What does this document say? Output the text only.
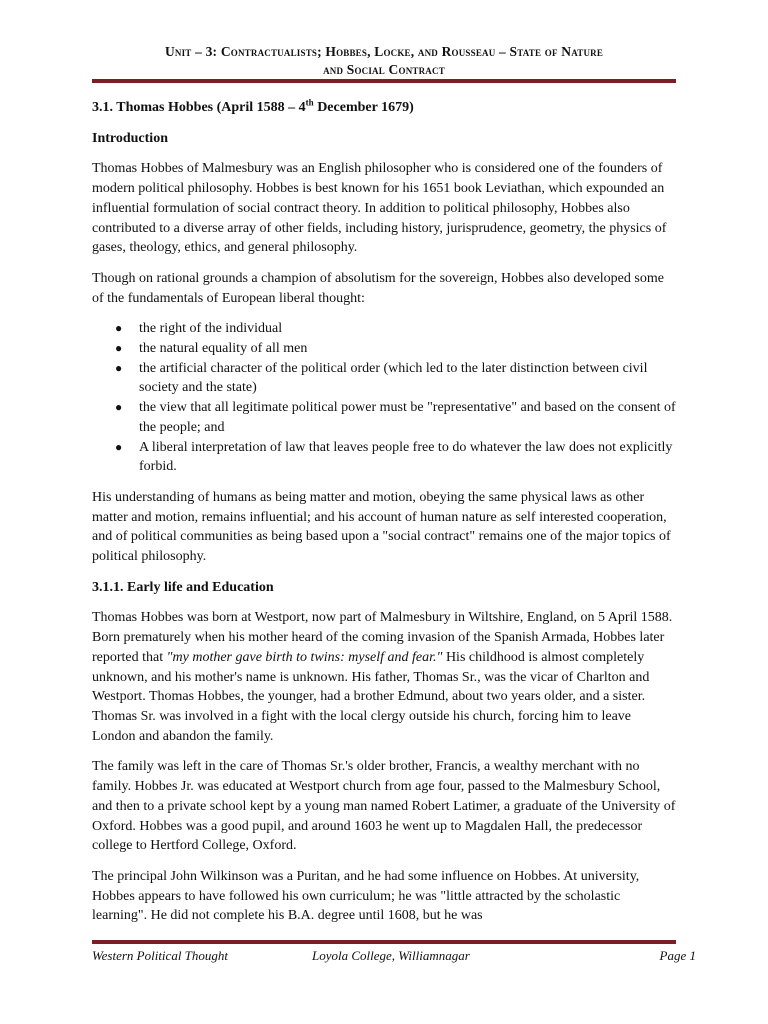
Unit – 3: Contractualists; Hobbes, Locke, and Rousseau – State of Nature
and Social Contract
3.1. Thomas Hobbes (April 1588 – 4th December 1679)
Introduction

Thomas Hobbes of Malmesbury was an English philosopher who is considered one of the founders of modern political philosophy. Hobbes is best known for his 1651 book Leviathan, which expounded an influential formulation of social contract theory. In addition to political philosophy, Hobbes also contributed to a diverse array of other fields, including history, jurisprudence, geometry, the physics of gases, theology, ethics, and general philosophy.

Though on rational grounds a champion of absolutism for the sovereign, Hobbes also developed some of the fundamentals of European liberal thought:

● the right of the individual
● the natural equality of all men
● the artificial character of the political order (which led to the later distinction between civil society and the state)
● the view that all legitimate political power must be "representative" and based on the consent of the people; and
● A liberal interpretation of law that leaves people free to do whatever the law does not explicitly forbid.

His understanding of humans as being matter and motion, obeying the same physical laws as other matter and motion, remains influential; and his account of human nature as self interested cooperation, and of political communities as being based upon a "social contract" remains one of the major topics of political philosophy.

3.1.1. Early life and Education

Thomas Hobbes was born at Westport, now part of Malmesbury in Wiltshire, England, on 5 April 1588. Born prematurely when his mother heard of the coming invasion of the Spanish Armada, Hobbes later reported that "my mother gave birth to twins: myself and fear." His childhood is almost completely unknown, and his mother's name is unknown. His father, Thomas Sr., was the vicar of Charlton and Westport. Thomas Hobbes, the younger, had a brother Edmund, about two years older, and a sister. Thomas Sr. was involved in a fight with the local clergy outside his church, forcing him to leave London and abandon the family.

The family was left in the care of Thomas Sr.'s older brother, Francis, a wealthy merchant with no family. Hobbes Jr. was educated at Westport church from age four, passed to the Malmesbury School, and then to a private school kept by a young man named Robert Latimer, a graduate of the University of Oxford. Hobbes was a good pupil, and around 1603 he went up to Magdalen Hall, the predecessor college to Hertford College, Oxford.

The principal John Wilkinson was a Puritan, and he had some influence on Hobbes. At university, Hobbes appears to have followed his own curriculum; he was "little attracted by the scholastic learning". He did not complete his B.A. degree until 1608, but he was

Western Political Thought	Loyola College, Williamnagar	Page 1
